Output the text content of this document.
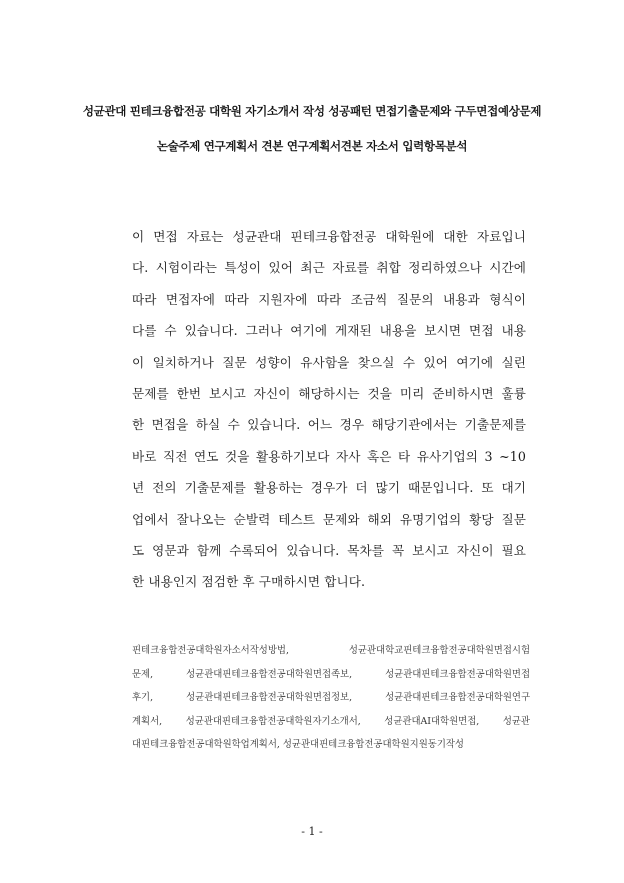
성균관대 핀테크융합전공 대학원 자기소개서 작성 성공패턴 면접기출문제와 구두면접예상문제
논술주제 연구계획서 견본 연구계획서견본 자소서 입력항목분석
이 면접 자료는 성균관대 핀테크융합전공 대학원에 대한 자료입니
다. 시험이라는 특성이 있어 최근 자료를 취합 정리하였으나 시간에
따라 면접자에 따라 지원자에 따라 조금씩 질문의 내용과 형식이
다를 수 있습니다. 그러나 여기에 게재된 내용을 보시면 면접 내용
이 일치하거나 질문 성향이 유사함을 찾으실 수 있어 여기에 실린
문제를 한번 보시고 자신이 해당하시는 것을 미리 준비하시면 훌륭
한 면접을 하실 수 있습니다. 어느 경우 해당기관에서는 기출문제를
바로 직전 연도 것을 활용하기보다 자사 혹은 타 유사기업의 3 ~10
년 전의 기출문제를 활용하는 경우가 더 많기 때문입니다. 또 대기
업에서 잘나오는 순발력 테스트 문제와 해외 유명기업의 황당 질문
도 영문과 함께 수록되어 있습니다. 목차를 꼭 보시고 자신이 필요
한 내용인지 점검한 후 구매하시면 합니다.
핀테크융합전공대학원자소서작성방법, 성균관대학교핀테크융합전공대학원면접시험
문제, 성균관대핀테크융합전공대학원면접족보, 성균관대핀테크융합전공대학원면접
후기, 성균관대핀테크융합전공대학원면접정보, 성균관대핀테크융합전공대학원연구
계획서, 성균관대핀테크융합전공대학원자기소개서, 성균관대AI대학원면접, 성균관
대핀테크융합전공대학원학업계획서, 성균관대핀테크융합전공대학원지원동기작성
- 1 -
